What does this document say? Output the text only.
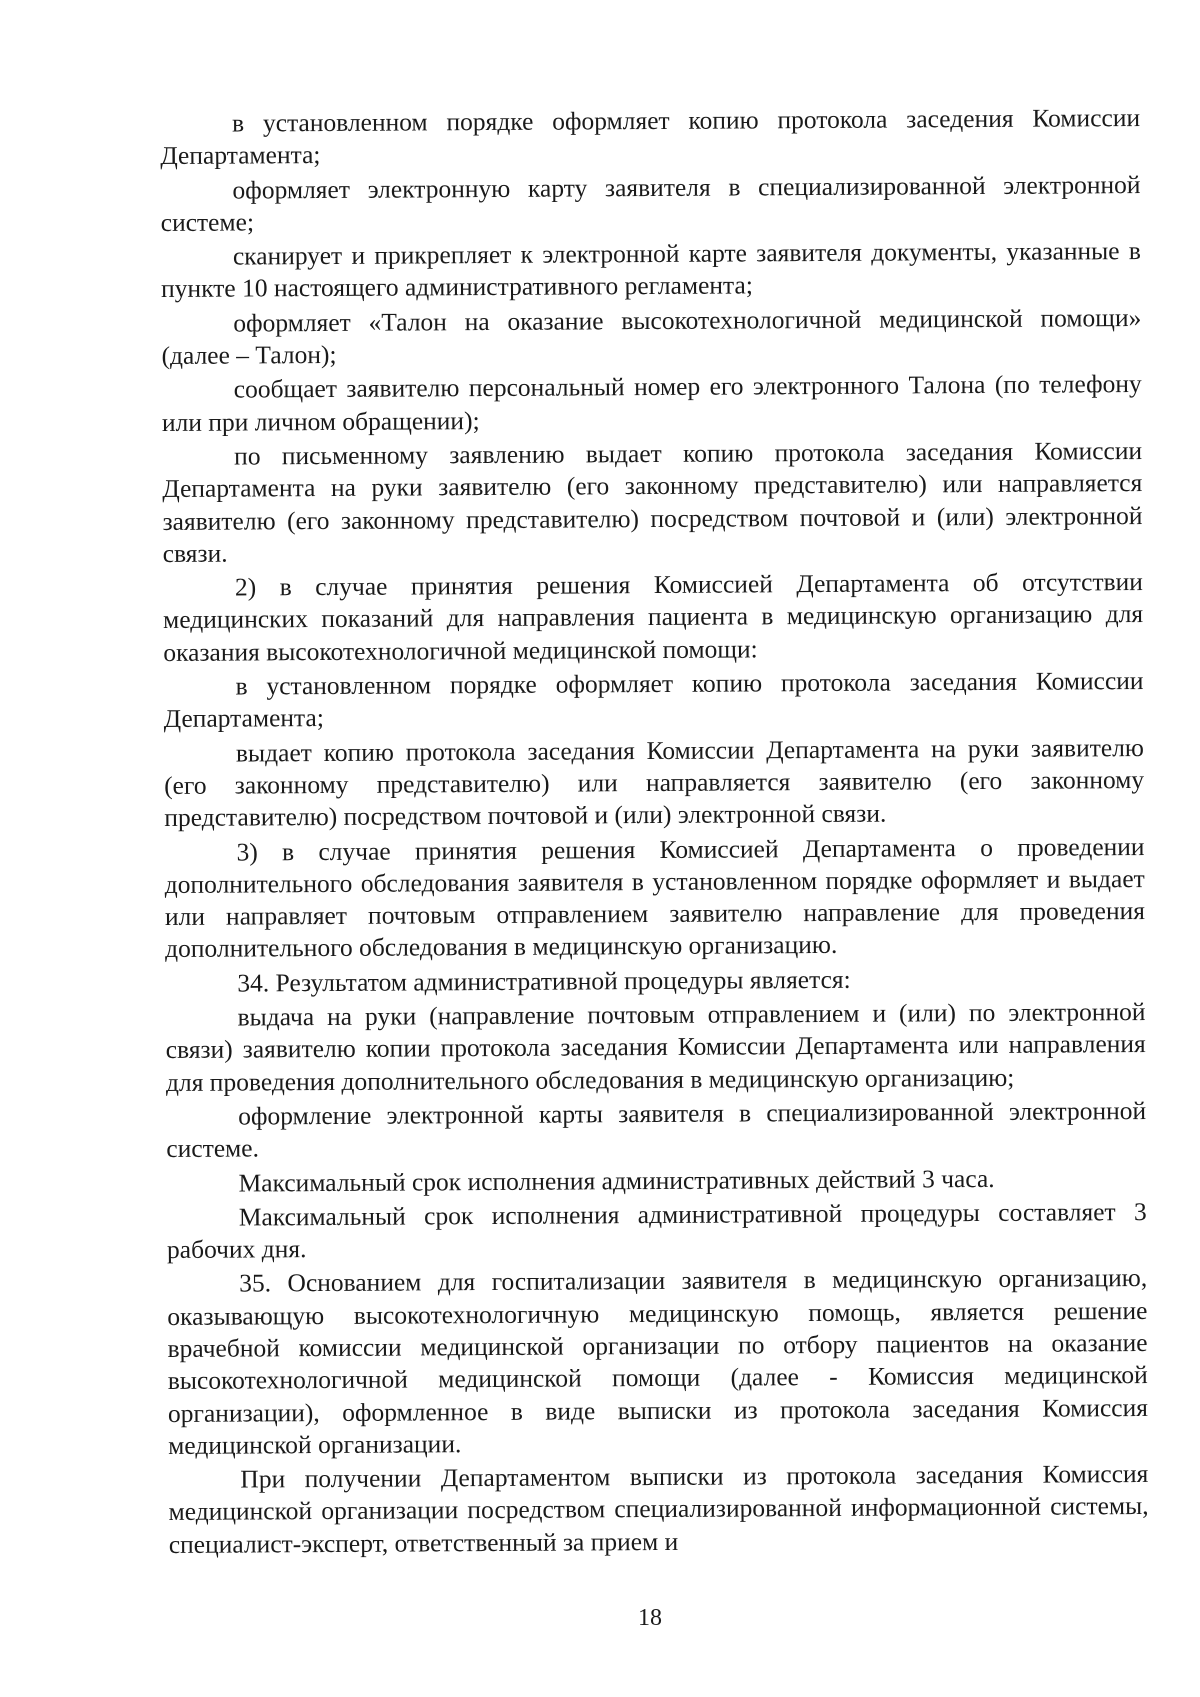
в установленном порядке оформляет копию протокола заседения Комиссии Департамента;

оформляет электронную карту заявителя в специализированной электронной системе;

сканирует и прикрепляет к электронной карте заявителя документы, указанные в пункте 10 настоящего административного регламента;

оформляет «Талон на оказание высокотехнологичной медицинской помощи» (далее – Талон);

сообщает заявителю персональный номер его электронного Талона (по телефону или при личном обращении);

по письменному заявлению выдает копию протокола заседания Комиссии Департамента на руки заявителю (его законному представителю) или направляется заявителю (его законному представителю) посредством почтовой и (или) электронной связи.

2) в случае принятия решения Комиссией Департамента об отсутствии медицинских показаний для направления пациента в медицинскую организацию для оказания высокотехнологичной медицинской помощи:

в установленном порядке оформляет копию протокола заседания Комиссии Департамента;

выдает копию протокола заседания Комиссии Департамента на руки заявителю (его законному представителю) или направляется заявителю (его законному представителю) посредством почтовой и (или) электронной связи.

3) в случае принятия решения Комиссией Департамента о проведении дополнительного обследования заявителя в установленном порядке оформляет и выдает или направляет почтовым отправлением заявителю направление для проведения дополнительного обследования в медицинскую организацию.

34. Результатом административной процедуры является:

выдача на руки (направление почтовым отправлением и (или) по электронной связи) заявителю копии протокола заседания Комиссии Департамента или направления для проведения дополнительного обследования в медицинскую организацию;

оформление электронной карты заявителя в специализированной электронной системе.

Максимальный срок исполнения административных действий 3 часа.

Максимальный срок исполнения административной процедуры составляет 3 рабочих дня.

35. Основанием для госпитализации заявителя в медицинскую организацию, оказывающую высокотехнологичную медицинскую помощь, является решение врачебной комиссии медицинской организации по отбору пациентов на оказание высокотехнологичной медицинской помощи (далее - Комиссия медицинской организации), оформленное в виде выписки из протокола заседания Комиссия медицинской организации.

При получении Департаментом выписки из протокола заседания Комиссия медицинской организации посредством специализированной информационной системы, специалист-эксперт, ответственный за прием и

18
